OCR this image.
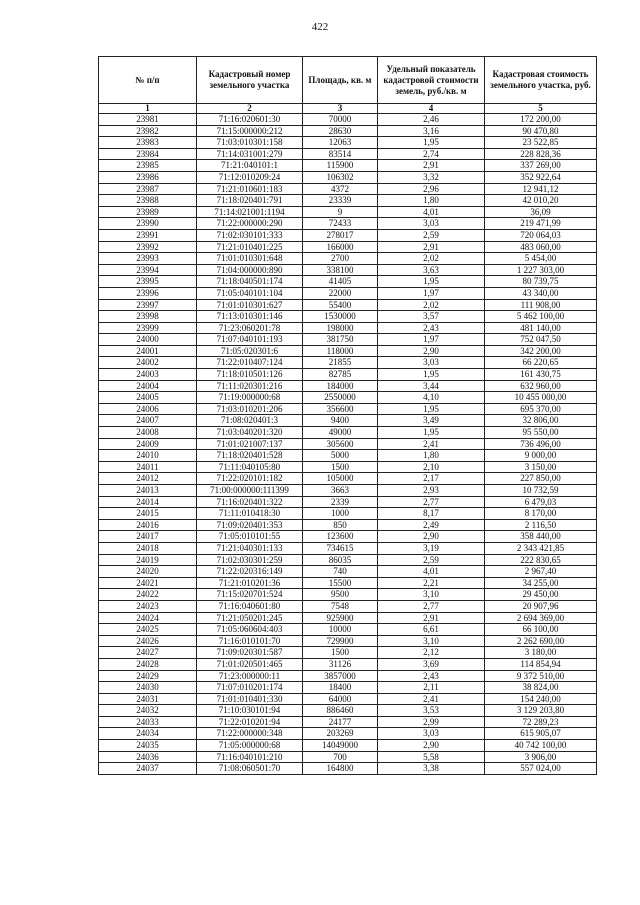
422
№ п/п	Кадастровый номер земельного участка	Площадь, кв. м	Удельный показатель кадастровой стоимости земель, руб./кв. м	Кадастровая стоимость земельного участка, руб.
1	2	3	4	5
23981	71:16:020601:30	70000	2,46	172 200,00
23982	71:15:000000:212	28630	3,16	90 470,80
23983	71:03:010301:158	12063	1,95	23 522,85
23984	71:14:031001:279	83514	2,74	228 828,36
23985	71:21:040101:1	115900	2,91	337 269,00
23986	71:12:010209:24	106302	3,32	352 922,64
23987	71:21:010601:183	4372	2,96	12 941,12
23988	71:18:020401:791	23339	1,80	42 010,20
23989	71:14:021001:1194	9	4,01	36,09
23990	71:22:000000:290	72433	3,03	219 471,99
23991	71:02:030101:333	278017	2,59	720 064,03
23992	71:21:010401:225	166000	2,91	483 060,00
23993	71:01:010301:648	2700	2,02	5 454,00
23994	71:04:000000:890	338100	3,63	1 227 303,00
23995	71:18:040501:174	41405	1,95	80 739,75
23996	71:05:040101:104	22000	1,97	43 340,00
23997	71:01:010301:627	55400	2,02	111 908,00
23998	71:13:010301:146	1530000	3,57	5 462 100,00
23999	71:23:060201:78	198000	2,43	481 140,00
24000	71:07:040101:193	381750	1,97	752 047,50
24001	71:05:020301:6	118000	2,90	342 200,00
24002	71:22:010407:124	21855	3,03	66 220,65
24003	71:18:010501:126	82785	1,95	161 430,75
24004	71:11:020301:216	184000	3,44	632 960,00
24005	71:19:000000:68	2550000	4,10	10 455 000,00
24006	71:03:010201:206	356600	1,95	695 370,00
24007	71:08:020401:3	9400	3,49	32 806,00
24008	71:03:040201:320	49000	1,95	95 550,00
24009	71:01:021007:137	305600	2,41	736 496,00
24010	71:18:020401:528	5000	1,80	9 000,00
24011	71:11:040105:80	1500	2,10	3 150,00
24012	71:22:020101:182	105000	2,17	227 850,00
24013	71:00:000000:111399	3663	2,93	10 732,59
24014	71:16:020401:322	2339	2,77	6 479,03
24015	71:11:010418:30	1000	8,17	8 170,00
24016	71:09:020401:353	850	2,49	2 116,50
24017	71:05:010101:55	123600	2,90	358 440,00
24018	71:21:040301:133	734615	3,19	2 343 421,85
24019	71:02:030301:259	86035	2,59	222 830,65
24020	71:22:020316:149	740	4,01	2 967,40
24021	71:21:010201:36	15500	2,21	34 255,00
24022	71:15:020701:524	9500	3,10	29 450,00
24023	71:16:040601:80	7548	2,77	20 907,96
24024	71:21:050201:245	925900	2,91	2 694 369,00
24025	71:05:060604:403	10000	6,61	66 100,00
24026	71:16:010101:70	729900	3,10	2 262 690,00
24027	71:09:020301:587	1500	2,12	3 180,00
24028	71:01:020501:465	31126	3,69	114 854,94
24029	71:23:000000:11	3857000	2,43	9 372 510,00
24030	71:07:010201:174	18400	2,11	38 824,00
24031	71:01:010401:330	64000	2,41	154 240,00
24032	71:10:030101:94	886460	3,53	3 129 203,80
24033	71:22:010201:94	24177	2,99	72 289,23
24034	71:22:000000:348	203269	3,03	615 905,07
24035	71:05:000000:68	14049000	2,90	40 742 100,00
24036	71:16:040101:210	700	5,58	3 906,00
24037	71:08:060501:70	164800	3,38	557 024,00
